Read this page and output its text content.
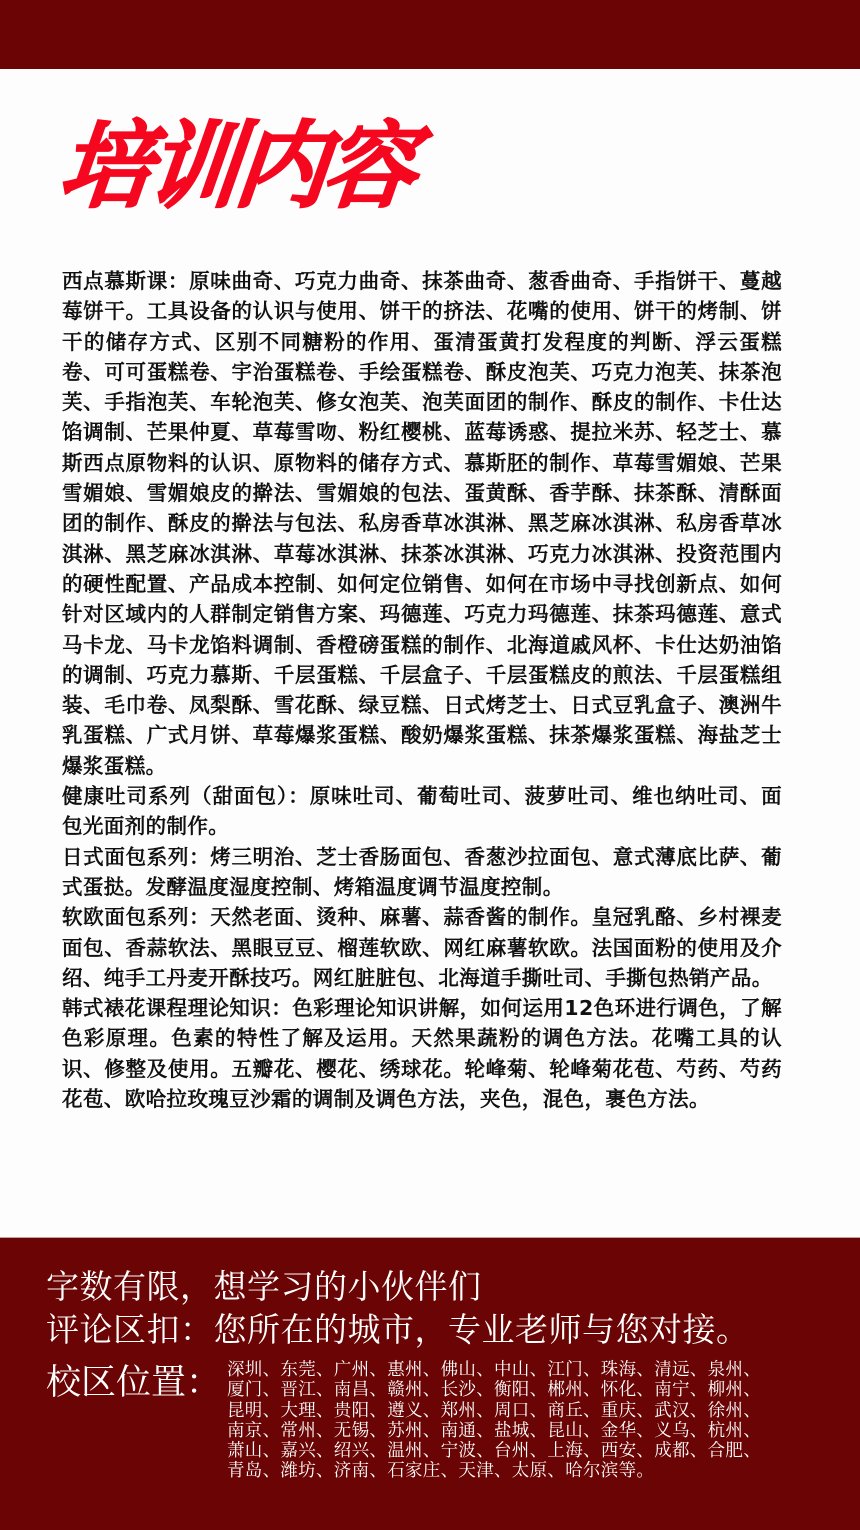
培训内容

西点慕斯课：原味曲奇、巧克力曲奇、抹茶曲奇、葱香曲奇、手指饼干、蔓越莓饼干。工具设备的认识与使用、饼干的挤法、花嘴的使用、饼干的烤制、饼干的储存方式、区别不同糖粉的作用、蛋清蛋黄打发程度的判断、浮云蛋糕卷、可可蛋糕卷、宇治蛋糕卷、手绘蛋糕卷、酥皮泡芙、巧克力泡芙、抹茶泡芙、手指泡芙、车轮泡芙、修女泡芙、泡芙面团的制作、酥皮的制作、卡仕达馅调制、芒果仲夏、草莓雪吻、粉红樱桃、蓝莓诱惑、提拉米苏、轻芝士、慕斯西点原物料的认识、原物料的储存方式、慕斯胚的制作、草莓雪媚娘、芒果雪媚娘、雪媚娘皮的擀法、雪媚娘的包法、蛋黄酥、香芋酥、抹茶酥、清酥面团的制作、酥皮的擀法与包法、私房香草冰淇淋、黑芝麻冰淇淋、私房香草冰淇淋、黑芝麻冰淇淋、草莓冰淇淋、抹茶冰淇淋、巧克力冰淇淋、投资范围内的硬性配置、产品成本控制、如何定位销售、如何在市场中寻找创新点、如何针对区域内的人群制定销售方案、玛德莲、巧克力玛德莲、抹茶玛德莲、意式马卡龙、马卡龙馅料调制、香橙磅蛋糕的制作、北海道戚风杯、卡仕达奶油馅的调制、巧克力慕斯、千层蛋糕、千层盒子、千层蛋糕皮的煎法、千层蛋糕组装、毛巾卷、凤梨酥、雪花酥、绿豆糕、日式烤芝士、日式豆乳盒子、澳洲牛乳蛋糕、广式月饼、草莓爆浆蛋糕、酸奶爆浆蛋糕、抹茶爆浆蛋糕、海盐芝士爆浆蛋糕。

健康吐司系列（甜面包）：原味吐司、葡萄吐司、菠萝吐司、维也纳吐司、面包光面剂的制作。

日式面包系列：烤三明治、芝士香肠面包、香葱沙拉面包、意式薄底比萨、葡式蛋挞。发酵温度湿度控制、烤箱温度调节温度控制。

软欧面包系列：天然老面、烫种、麻薯、蒜香酱的制作。皇冠乳酪、乡村裸麦面包、香蒜软法、黑眼豆豆、榴莲软欧、网红麻薯软欧。法国面粉的使用及介绍、纯手工丹麦开酥技巧。网红脏脏包、北海道手撕吐司、手撕包热销产品。

韩式裱花课程理论知识：色彩理论知识讲解，如何运用12色环进行调色，了解色彩原理。色素的特性了解及运用。天然果蔬粉的调色方法。花嘴工具的认识、修整及使用。五瓣花、樱花、绣球花。轮峰菊、轮峰菊花苞、芍药、芍药花苞、欧哈拉玫瑰豆沙霜的调制及调色方法，夹色，混色，裹色方法。

字数有限，想学习的小伙伴们
评论区扣：您所在的城市，专业老师与您对接。
校区位置： 深圳、东莞、广州、惠州、佛山、中山、江门、珠海、清远、泉州、
厦门、晋江、南昌、赣州、长沙、衡阳、郴州、怀化、南宁、柳州、
昆明、大理、贵阳、遵义、郑州、周口、商丘、重庆、武汉、徐州、
南京、常州、无锡、苏州、南通、盐城、昆山、金华、义乌、杭州、
萧山、嘉兴、绍兴、温州、宁波、台州、上海、西安、成都、合肥、
青岛、潍坊、济南、石家庄、天津、太原、哈尔滨等。
